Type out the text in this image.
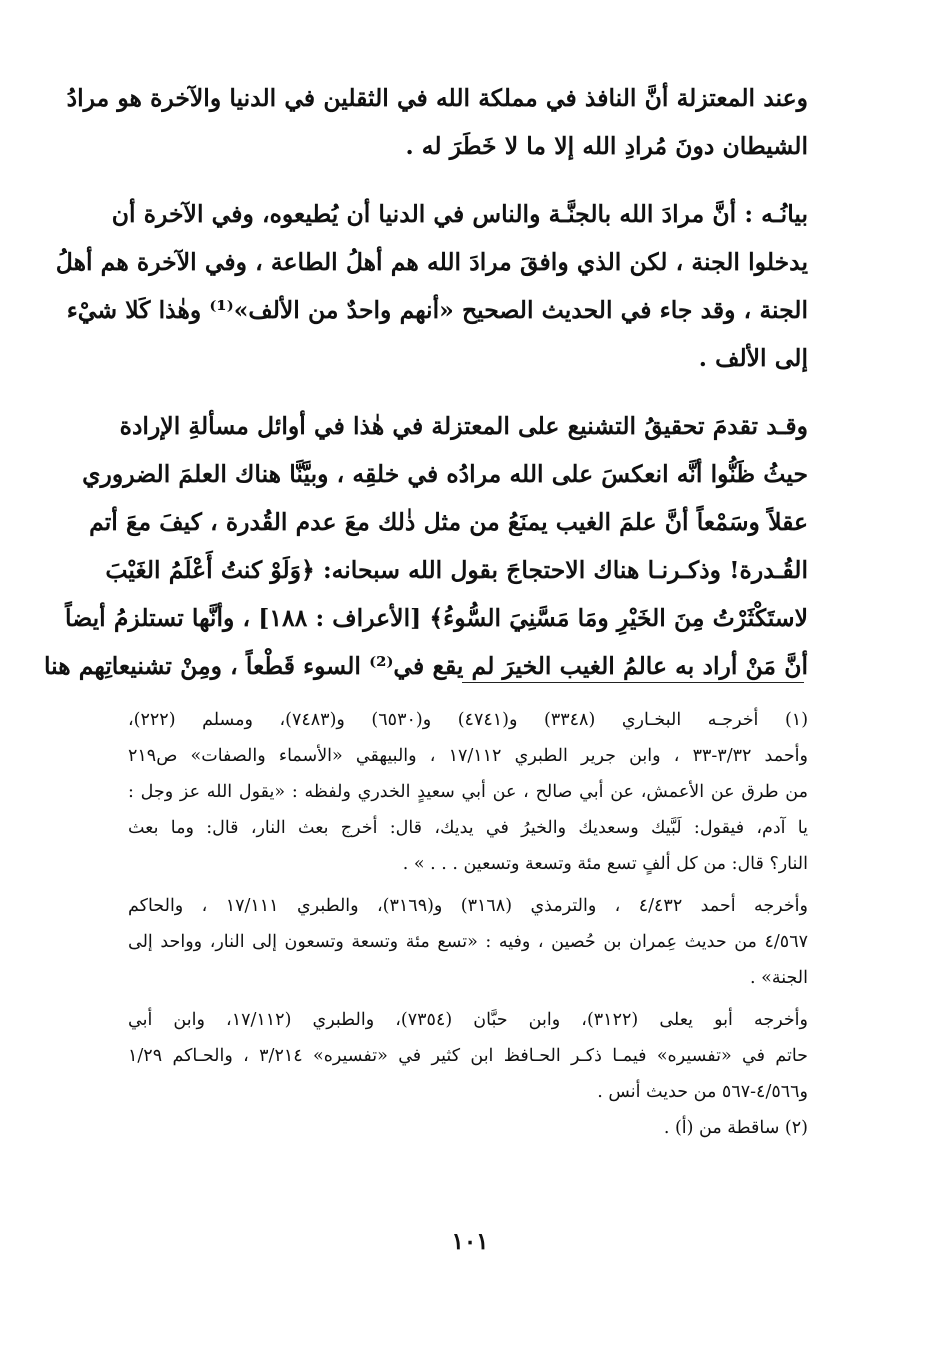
وعند المعتزلة أنَّ النافذ في مملكة الله في الثقلين في الدنيا والآخرة هو مرادُ
الشيطان دونَ مُرادِ الله إلا ما لا خَطَرَ له .
بيانُـه : أنَّ مرادَ الله بالجنَّـة والناس في الدنيا أن يُطيعوه، وفي الآخرة أن
يدخلوا الجنة ، لكن الذي وافقَ مرادَ الله هم أهلُ الطاعة ، وفي الآخرة هم أهلُ
الجنة ، وقد جاء في الحديث الصحيح «أنهم واحدٌ من الألف»⁽¹⁾ وهٰذا كَلا شيْء
إلى الألف .
وقـد تقدمَ تحقيقُ التشنيع على المعتزلة في هٰذا في أوائل مسألةِ الإرادة
حيثُ ظَنُّوا أنَّه انعكسَ على الله مرادُه في خلقِه ، وبيَّنَّا هناك العلمَ الضروري
عقلاً وسَمْعاً أنَّ علمَ الغيب يمنَعُ من مثل ذٰلك معَ عدم القُدرة ، كيفَ معَ أتم
القُـدرة! وذكـرنـا هناك الاحتجاجَ بقول الله سبحانه: ﴿وَلَوْ كنتُ أَعْلَمُ الغَيْبَ
لاستَكْثَرْتُ مِنَ الخَيْرِ ومَا مَسَّنِيَ السُّوءُ﴾ [الأعراف : ١٨٨] ، وأنَّها تستلزمُ أيضاً
أنَّ مَنْ أراد به عالمُ الغيب الخيرَ لم يقع في⁽²⁾ السوء قَطْعاً ، ومِنْ تشنيعاتِهم هنا
(١) أخرجـه البخـاري (٣٣٤٨) و(٤٧٤١) و(٦٥٣٠) و(٧٤٨٣)، ومسلم (٢٢٢)،
وأحمد ٣/٣٢-٣٣ ، وابن جرير الطبري ١٧/١١٢ ، والبيهقي «الأسماء والصفات» ص٢١٩
من طرق عن الأعمش، عن أبي صالح ، عن أبي سعيدٍ الخدري ولفظه : «يقول الله عز وجل :
يا آدم، فيقول: لَبَّيك وسعديك والخيرُ في يديك، قال: أخرج بعث النار، قال: وما بعث
النار؟ قال: من كل ألفٍ تسع مئة وتسعة وتسعين . . . » .
وأخرجه أحمد ٤/٤٣٢ ، والترمذي (٣١٦٨) و(٣١٦٩)، والطبري ١٧/١١١ ، والحاكم
٤/٥٦٧ من حديث عِمران بن حُصين ، وفيه : «تسع مئة وتسعة وتسعون إلى النار، وواحد إلى
الجنة» .
وأخرجه أبو يعلى (٣١٢٢)، وابن حبَّان (٧٣٥٤)، والطبري (١٧/١١٢، وابن أبي
حاتم في «تفسيره» فيمـا ذكـر الحـافظ ابن كثير في «تفسيره» ٣/٢١٤ ، والحـاكم ١/٢٩
و٤/٥٦٦-٥٦٧ من حديث أنس .
(٢) ساقطة من (أ) .
١٠١
